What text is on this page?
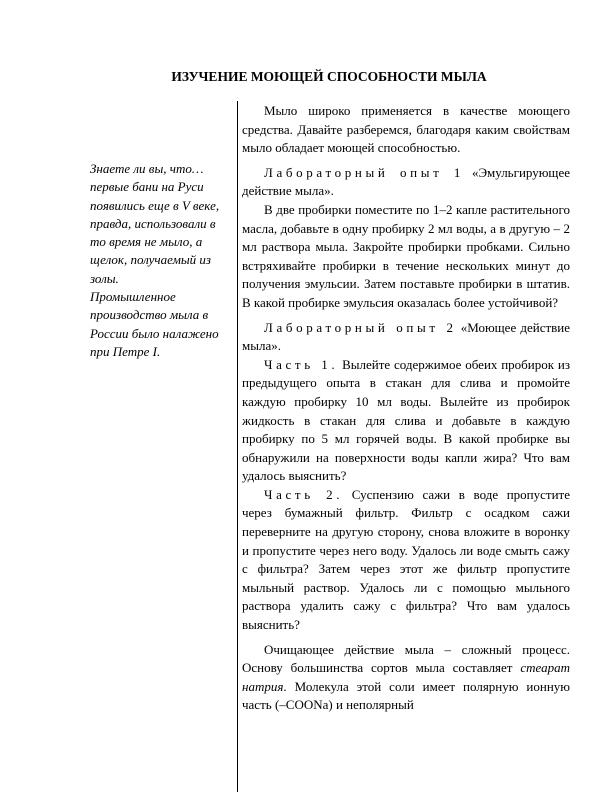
ИЗУЧЕНИЕ МОЮЩЕЙ СПОСОБНОСТИ МЫЛА

Знаете ли вы, что… первые бани на Руси появились еще в V веке, правда, использовали в то время не мыло, а щелок, получаемый из золы.

Промышленное производство мыла в России было налажено при Петре I.

Мыло широко применяется в качестве моющего средства. Давайте разберемся, благодаря каким свойствам мыло обладает моющей способностью.

Лабораторный опыт 1 «Эмульгирующее действие мыла».

В две пробирки поместите по 1–2 капле растительного масла, добавьте в одну пробирку 2 мл воды, а в другую – 2 мл раствора мыла. Закройте пробирки пробками. Сильно встряхивайте пробирки в течение нескольких минут до получения эмульсии. Затем поставьте пробирки в штатив. В какой пробирке эмульсия оказалась более устойчивой?

Лабораторный опыт 2 «Моющее действие мыла».

Часть 1. Вылейте содержимое обеих пробирок из предыдущего опыта в стакан для слива и промойте каждую пробирку 10 мл воды. Вылейте из пробирок жидкость в стакан для слива и добавьте в каждую пробирку по 5 мл горячей воды. В какой пробирке вы обнаружили на поверхности воды капли жира? Что вам удалось выяснить?

Часть 2. Суспензию сажи в воде пропустите через бумажный фильтр. Фильтр с осадком сажи переверните на другую сторону, снова вложите в воронку и пропустите через него воду. Удалось ли воде смыть сажу с фильтра? Затем через этот же фильтр пропустите мыльный раствор. Удалось ли с помощью мыльного раствора удалить сажу с фильтра? Что вам удалось выяснить?

Очищающее действие мыла – сложный процесс. Основу большинства сортов мыла составляет стеарат натрия. Молекула этой соли имеет полярную ионную часть (–COONa) и неполярный
